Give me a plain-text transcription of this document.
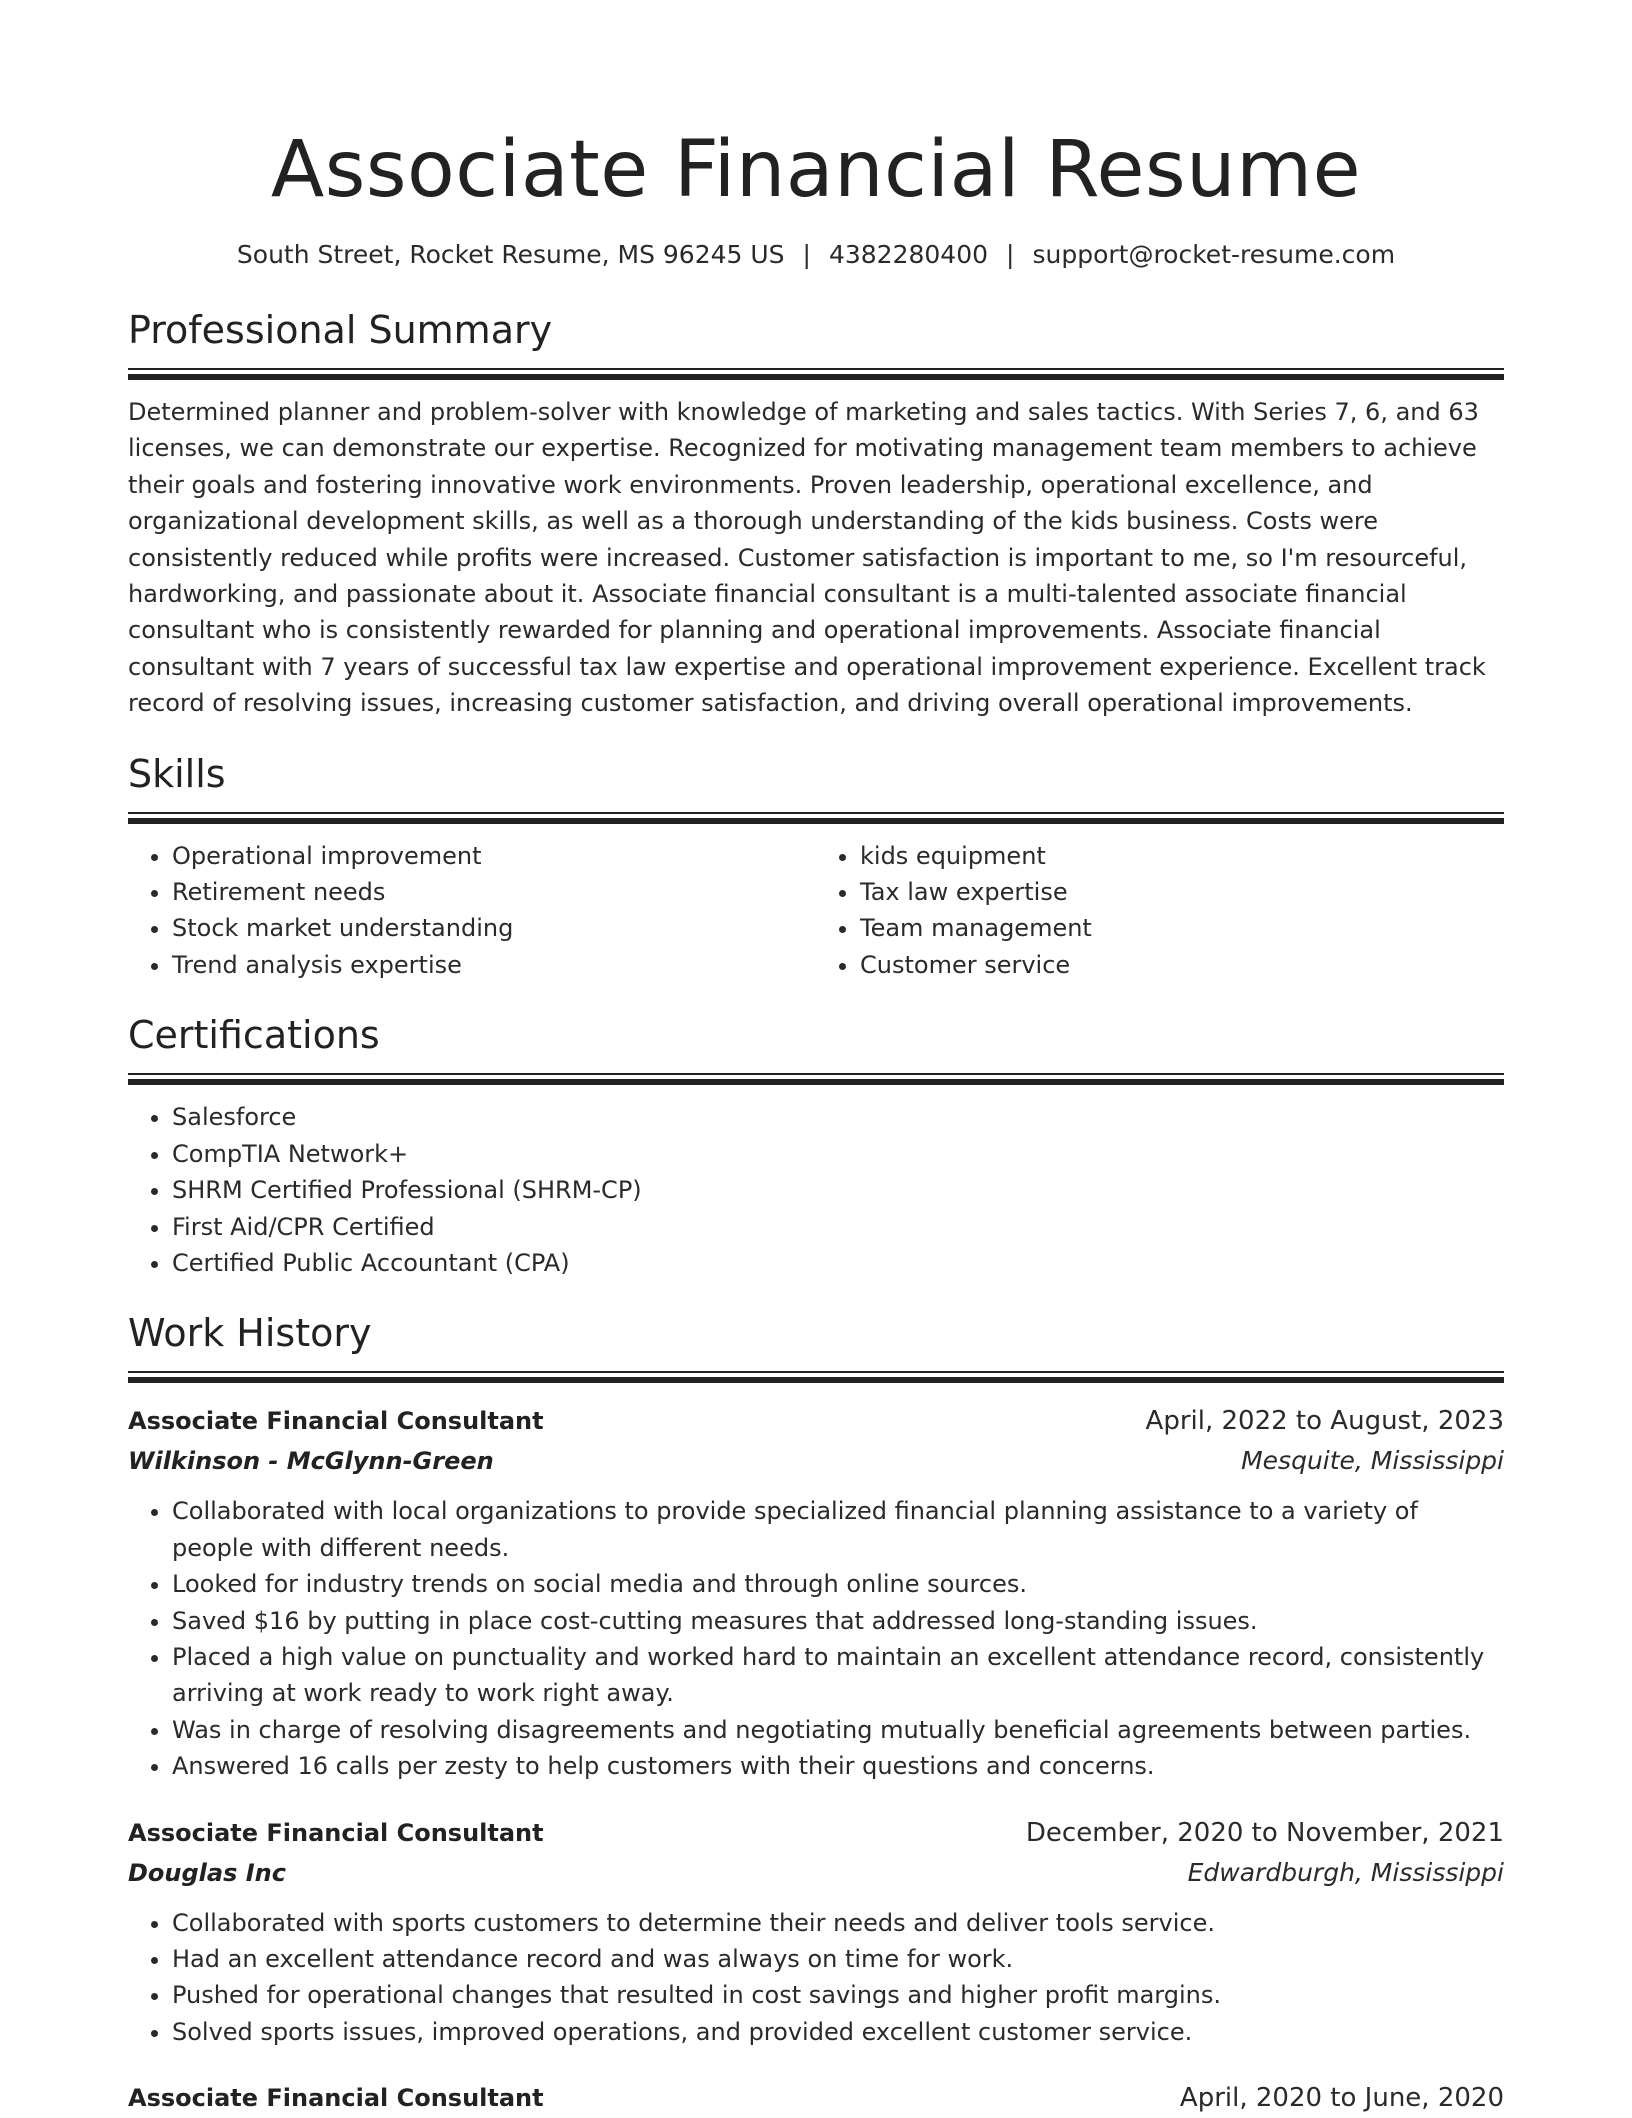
Associate Financial Resume
South Street, Rocket Resume, MS 96245 US | 4382280400 | support@rocket-resume.com
Professional Summary
Determined planner and problem-solver with knowledge of marketing and sales tactics. With Series 7, 6, and 63 licenses, we can demonstrate our expertise. Recognized for motivating management team members to achieve their goals and fostering innovative work environments. Proven leadership, operational excellence, and organizational development skills, as well as a thorough understanding of the kids business. Costs were consistently reduced while profits were increased. Customer satisfaction is important to me, so I'm resourceful, hardworking, and passionate about it. Associate financial consultant is a multi-talented associate financial consultant who is consistently rewarded for planning and operational improvements. Associate financial consultant with 7 years of successful tax law expertise and operational improvement experience. Excellent track record of resolving issues, increasing customer satisfaction, and driving overall operational improvements.
Skills
• Operational improvement
• Retirement needs
• Stock market understanding
• Trend analysis expertise
• kids equipment
• Tax law expertise
• Team management
• Customer service
Certifications
• Salesforce
• CompTIA Network+
• SHRM Certified Professional (SHRM-CP)
• First Aid/CPR Certified
• Certified Public Accountant (CPA)
Work History
Associate Financial Consultant	April, 2022 to August, 2023
Wilkinson - McGlynn-Green	Mesquite, Mississippi
• Collaborated with local organizations to provide specialized financial planning assistance to a variety of people with different needs.
• Looked for industry trends on social media and through online sources.
• Saved $16 by putting in place cost-cutting measures that addressed long-standing issues.
• Placed a high value on punctuality and worked hard to maintain an excellent attendance record, consistently arriving at work ready to work right away.
• Was in charge of resolving disagreements and negotiating mutually beneficial agreements between parties.
• Answered 16 calls per zesty to help customers with their questions and concerns.
Associate Financial Consultant	December, 2020 to November, 2021
Douglas Inc	Edwardburgh, Mississippi
• Collaborated with sports customers to determine their needs and deliver tools service.
• Had an excellent attendance record and was always on time for work.
• Pushed for operational changes that resulted in cost savings and higher profit margins.
• Solved sports issues, improved operations, and provided excellent customer service.
Associate Financial Consultant	April, 2020 to June, 2020
